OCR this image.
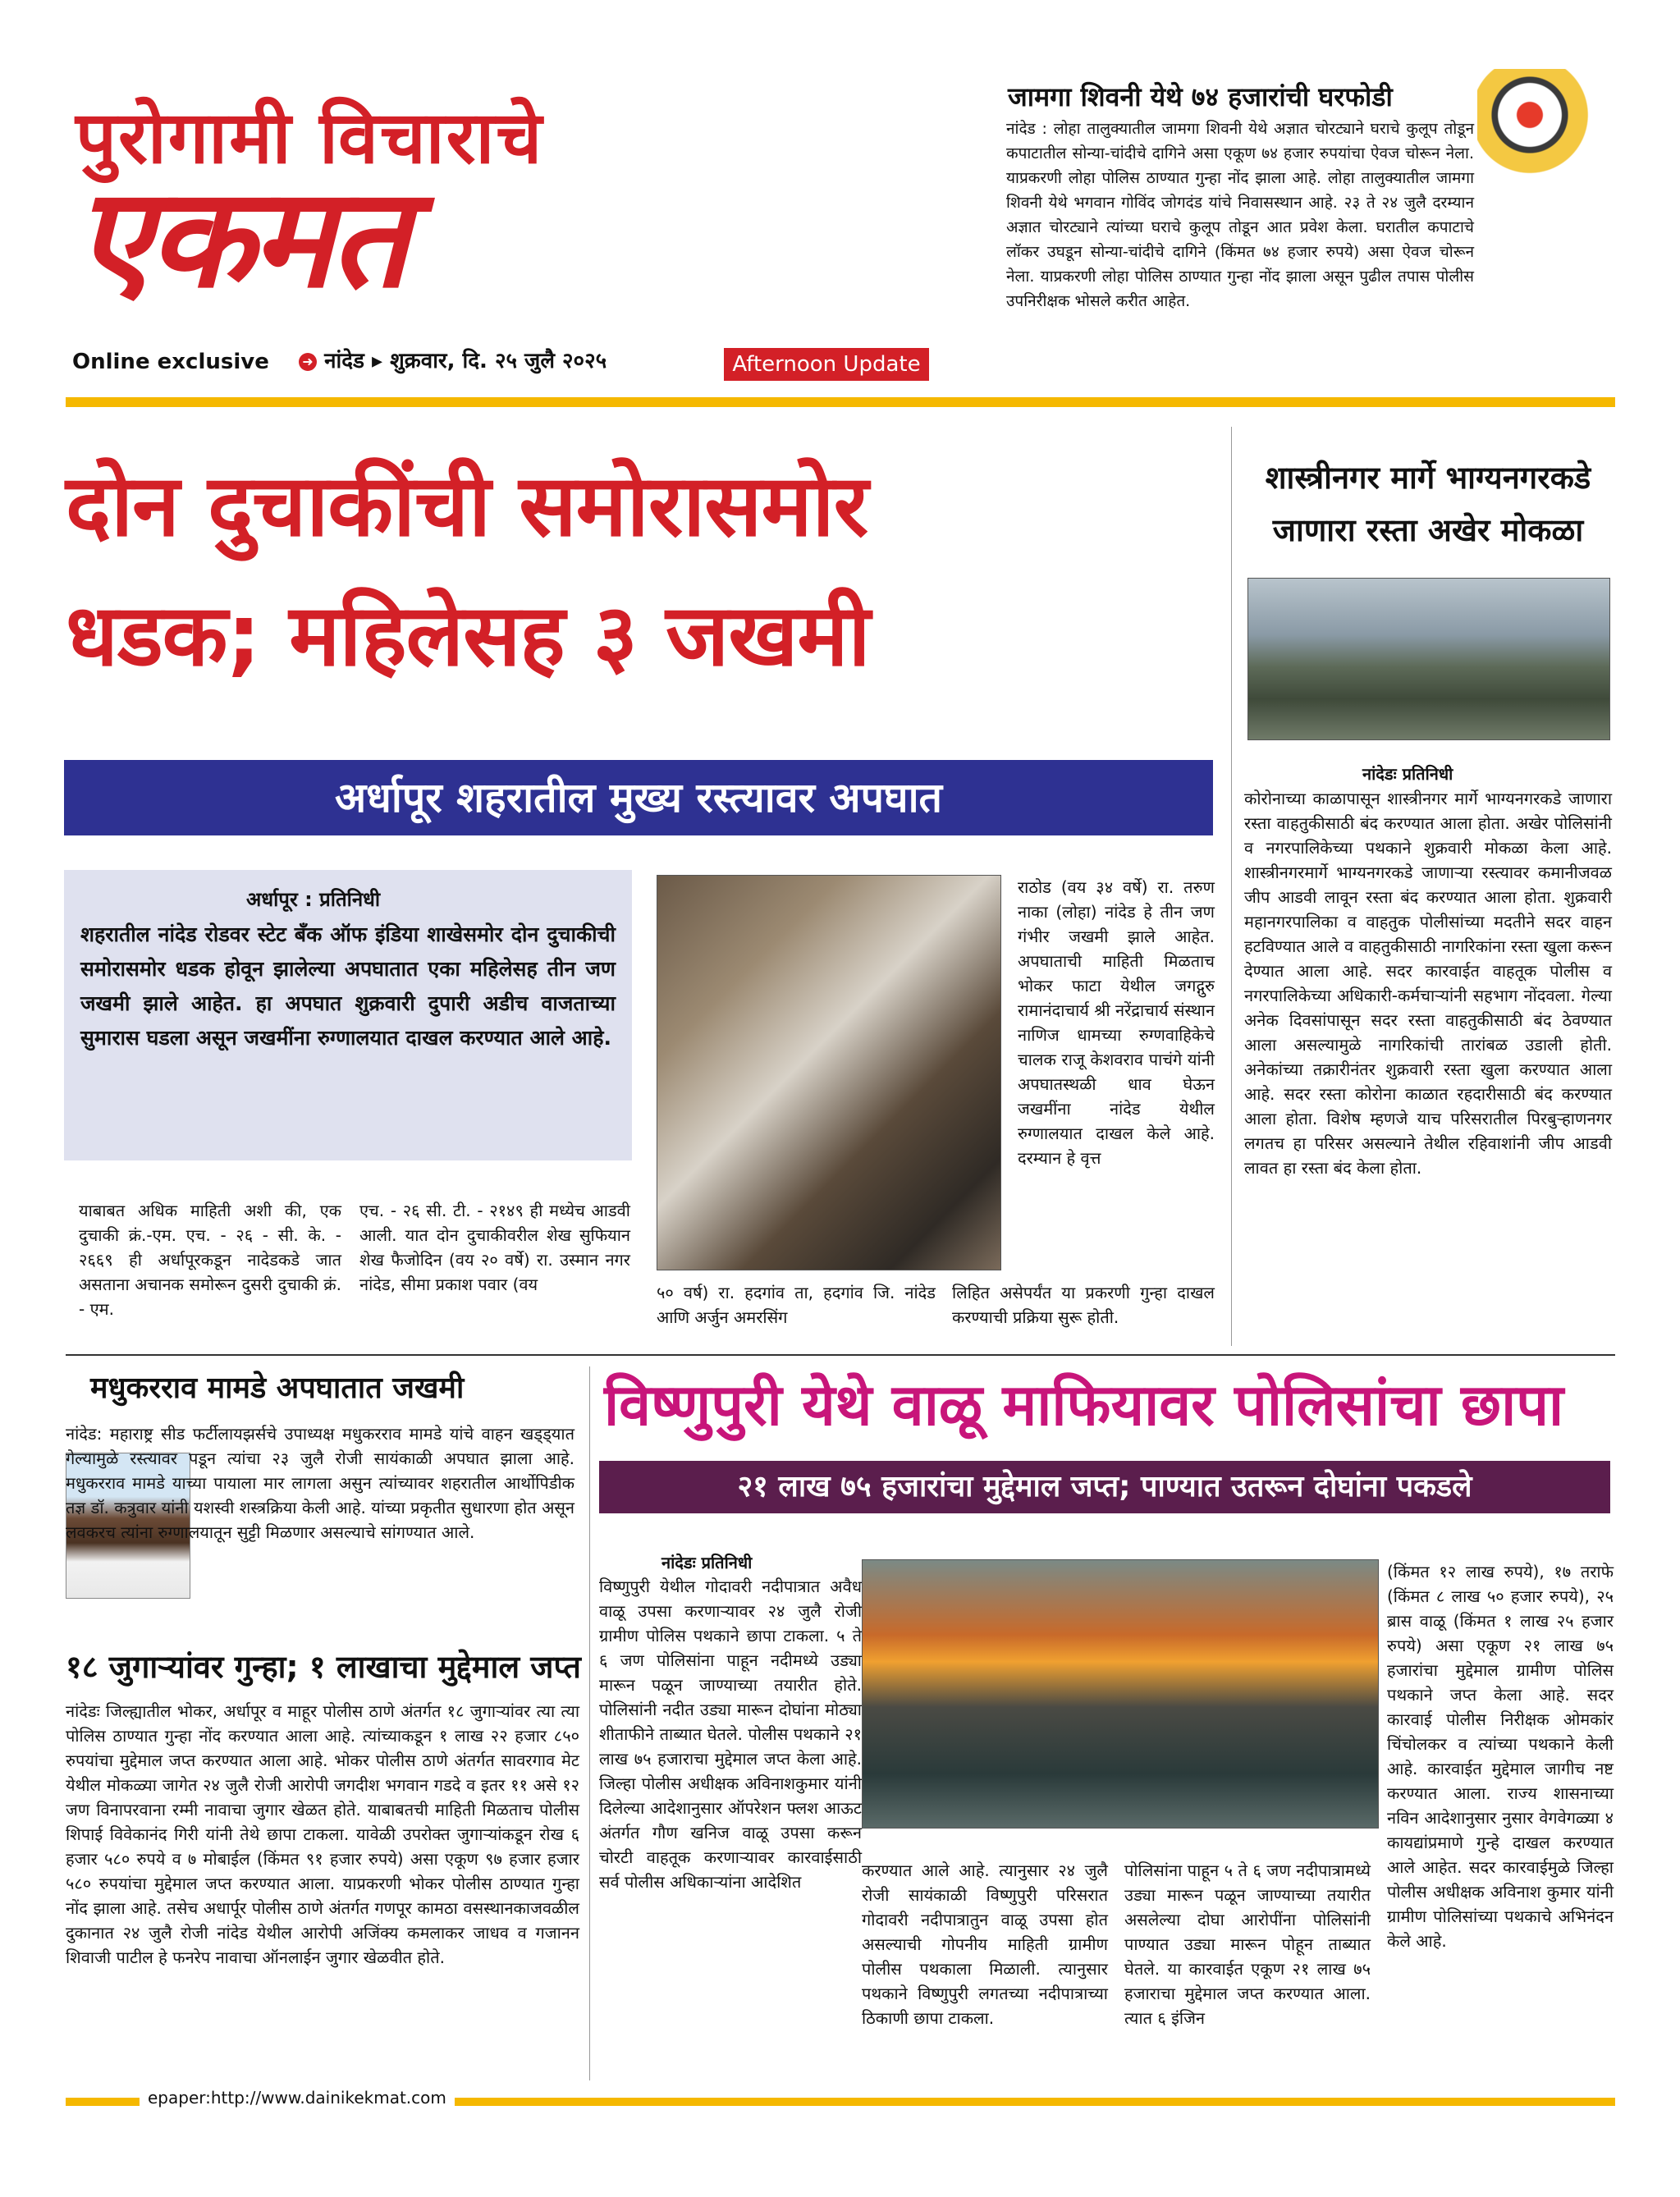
पुरोगामी विचाराचे
एकमत
Online exclusive	➜ नांदेड ▸ शुक्रवार, दि. २५ जुलै २०२५	Afternoon Update
जामगा शिवनी येथे ७४ हजारांची घरफोडी
नांदेड : लोहा तालुक्यातील जामगा शिवनी येथे अज्ञात चोरट्याने घराचे कुलूप तोडून कपाटातील सोन्या-चांदीचे दागिने असा एकूण ७४ हजार रुपयांचा ऐवज चोरून नेला. याप्रकरणी लोहा पोलिस ठाण्यात गुन्हा नोंद झाला आहे. लोहा तालुक्यातील जामगा शिवनी येथे भगवान गोविंद जोगदंड यांचे निवासस्थान आहे. २३ ते २४ जुलै दरम्यान अज्ञात चोरट्याने त्यांच्या घराचे कुलूप तोडून आत प्रवेश केला. घरातील कपाटाचे लॉकर उघडून सोन्या-चांदीचे दागिने (किंमत ७४ हजार रुपये) असा ऐवज चोरून नेला. याप्रकरणी लोहा पोलिस ठाण्यात गुन्हा नोंद झाला असून पुढील तपास पोलीस उपनिरीक्षक भोसले करीत आहेत.
दोन दुचाकींची समोरासमोर
धडक; महिलेसह ३ जखमी
अर्धापूर शहरातील मुख्य रस्त्यावर अपघात
अर्धापूर : प्रतिनिधी
शहरातील नांदेड रोडवर स्टेट बँक ऑफ इंडिया शाखेसमोर दोन दुचाकीची समोरासमोर धडक होवून झालेल्या अपघातात एका महिलेसह तीन जण जखमी झाले आहेत. हा अपघात शुक्रवारी दुपारी अडीच वाजताच्या सुमारास घडला असून जखमींना रुग्णालयात दाखल करण्यात आले आहे.
याबाबत अधिक माहिती अशी की, एक दुचाकी क्रं.-एम. एच. - २६ - सी. के. - २६६९ ही अर्धापूरकडून नादेडकडे जात असताना अचानक समोरून दुसरी दुचाकी क्रं. - एम.
एच. - २६ सी. टी. - २१४९ ही मध्येच आडवी आली. यात दोन दुचाकीवरील शेख सुफियान शेख फैजोदिन (वय २० वर्षे) रा. उस्मान नगर नांदेड, सीमा प्रकाश पवार (वय	५० वर्ष) रा. हदगांव ता, हदगांव जि. नांदेड आणि अर्जुन अमरसिंग
राठोड (वय ३४ वर्षे) रा. तरुण नाका (लोहा) नांदेड हे तीन जण गंभीर जखमी झाले आहेत. अपघाताची माहिती मिळताच भोकर फाटा येथील जगद्गुरु रामानंदाचार्य श्री नरेंद्राचार्य संस्थान नाणिज धामच्या रुग्णवाहिकेचे चालक राजू केशवराव पाचंगे यांनी अपघातस्थळी धाव घेऊन जखमींना नांदेड येथील रुग्णालयात दाखल केले आहे. दरम्यान हे वृत्त
लिहित असेपर्यंत या प्रकरणी गुन्हा दाखल करण्याची प्रक्रिया सुरू होती.
शास्त्रीनगर मार्गे भाग्यनगरकडे जाणारा रस्ता अखेर मोकळा
नांदेडः प्रतिनिधी
कोरोनाच्या काळापासून शास्त्रीनगर मार्गे भाग्यनगरकडे जाणारा रस्ता वाहतुकीसाठी बंद करण्यात आला होता. अखेर पोलिसांनी व नगरपालिकेच्या पथकाने शुक्रवारी मोकळा केला आहे. शास्त्रीनगरमार्गे भाग्यनगरकडे जाणाऱ्या रस्त्यावर कमानीजवळ जीप आडवी लावून रस्ता बंद करण्यात आला होता. शुक्रवारी महानगरपालिका व वाहतुक पोलीसांच्या मदतीने सदर वाहन हटविण्यात आले व वाहतुकीसाठी नागरिकांना रस्ता खुला करून देण्यात आला आहे. सदर कारवाईत वाहतूक पोलीस व नगरपालिकेच्या अधिकारी-कर्मचाऱ्यांनी सहभाग नोंदवला. गेल्या अनेक दिवसांपासून सदर रस्ता वाहतुकीसाठी बंद ठेवण्यात आला असल्यामुळे नागरिकांची तारांबळ उडाली होती. अनेकांच्या तक्रारीनंतर शुक्रवारी रस्ता खुला करण्यात आला आहे. सदर रस्ता कोरोना काळात रहदारीसाठी बंद करण्यात आला होता. विशेष म्हणजे याच परिसरातील पिरबुऱ्हाणनगर लगतच हा परिसर असल्याने तेथील रहिवाशांनी जीप आडवी लावत हा रस्ता बंद केला होता.
मधुकरराव मामडे अपघातात जखमी
नांदेड: महाराष्ट्र सीड फर्टीलायझर्सचे उपाध्यक्ष मधुकरराव मामडे यांचे वाहन खड्ड्यात गेल्यामुळे रस्त्यावर पडून त्यांचा २३ जुलै रोजी सायंकाळी अपघात झाला आहे. मधुकरराव मामडे याच्या पायाला मार लागला असुन त्यांच्यावर शहरातील आर्थोपिडीक तज्ञ डॉ. कत्रुवार यांनी यशस्वी शस्त्रक्रिया केली आहे. यांच्या प्रकृतीत सुधारणा होत असून लवकरच त्यांना रुग्णालयातून सुट्टी मिळणार असल्याचे सांगण्यात आले.
१८ जुगाऱ्यांवर गुन्हा; १ लाखाचा मुद्देमाल जप्त
नांदेडः जिल्ह्यातील भोकर, अर्धापूर व माहूर पोलीस ठाणे अंतर्गत १८ जुगाऱ्यांवर त्या त्या पोलिस ठाण्यात गुन्हा नोंद करण्यात आला आहे. त्यांच्याकडून १ लाख २२ हजार ८५० रुपयांचा मुद्देमाल जप्त करण्यात आला आहे. भोकर पोलीस ठाणे अंतर्गत सावरगाव मेट येथील मोकळ्या जागेत २४ जुलै रोजी आरोपी जगदीश भगवान गडदे व इतर ११ असे १२ जण विनापरवाना रम्मी नावाचा जुगार खेळत होते. याबाबतची माहिती मिळताच पोलीस शिपाई विवेकानंद गिरी यांनी तेथे छापा टाकला. यावेळी उपरोक्त जुगाऱ्यांकडून रोख ६ हजार ५८० रुपये व ७ मोबाईल (किंमत ९१ हजार रुपये) असा एकूण ९७ हजार हजार ५८० रुपयांचा मुद्देमाल जप्त करण्यात आला. याप्रकरणी भोकर पोलीस ठाण्यात गुन्हा नोंद झाला आहे. तसेच अधार्पूर पोलीस ठाणे अंतर्गत गणपूर कामठा वसस्थानकाजवळील दुकानात २४ जुलै रोजी नांदेड येथील आरोपी अजिंक्य कमलाकर जाधव व गजानन शिवाजी पाटील हे फनरेप नावाचा ऑनलाईन जुगार खेळवीत होते.
विष्णुपुरी येथे वाळू माफियावर पोलिसांचा छापा
२१ लाख ७५ हजारांचा मुद्देमाल जप्त; पाण्यात उतरून दोघांना पकडले
नांदेडः प्रतिनिधी
विष्णुपुरी येथील गोदावरी नदीपात्रात अवैध वाळू उपसा करणाऱ्यावर २४ जुलै रोजी ग्रामीण पोलिस पथकाने छापा टाकला. ५ ते ६ जण पोलिसांना पाहून नदीमध्ये उड्या मारून पळून जाण्याच्या तयारीत होते. पोलिसांनी नदीत उड्या मारून दोघांना मोठ्या शीताफीने ताब्यात घेतले. पोलीस पथकाने २१ लाख ७५ हजाराचा मुद्देमाल जप्त केला आहे. जिल्हा पोलीस अधीक्षक अविनाशकुमार यांनी दिलेल्या आदेशानुसार ऑपरेशन फ्लश आऊट अंतर्गत गौण खनिज वाळू उपसा करून चोरटी वाहतूक करणाऱ्यावर कारवाईसाठी सर्व पोलीस अधिकाऱ्यांना आदेशित
करण्यात आले आहे. त्यानुसार २४ जुलै रोजी सायंकाळी विष्णुपुरी परिसरात गोदावरी नदीपात्रातुन वाळू उपसा होत असल्याची गोपनीय माहिती ग्रामीण पोलीस पथकाला मिळाली. त्यानुसार पथकाने विष्णुपुरी लगतच्या नदीपात्राच्या ठिकाणी छापा टाकला.
पोलिसांना पाहून ५ ते ६ जण नदीपात्रामध्ये उड्या मारून पळून जाण्याच्या तयारीत असलेल्या दोघा आरोपींना पोलिसांनी पाण्यात उड्या मारून पोहून ताब्यात घेतले. या कारवाईत एकूण २१ लाख ७५ हजाराचा मुद्देमाल जप्त करण्यात आला. त्यात ६ इंजिन
(किंमत १२ लाख रुपये), १७ तराफे (किंमत ८ लाख ५० हजार रुपये), २५ ब्रास वाळू (किंमत १ लाख २५ हजार रुपये) असा एकूण २१ लाख ७५ हजारांचा मुद्देमाल ग्रामीण पोलिस पथकाने जप्त केला आहे. सदर कारवाई पोलीस निरीक्षक ओमकांर चिंचोलकर व त्यांच्या पथकाने केली आहे. कारवाईत मुद्देमाल जागीच नष्ट करण्यात आला. राज्य शासनाच्या नविन आदेशानुसार नुसार वेगवेगळ्या ४ कायद्यांप्रमाणे गुन्हे दाखल करण्यात आले आहेत. सदर कारवाईमुळे जिल्हा पोलीस अधीक्षक अविनाश कुमार यांनी ग्रामीण पोलिसांच्या पथकाचे अभिनंदन केले आहे.
epaper:http://www.dainikekmat.com
